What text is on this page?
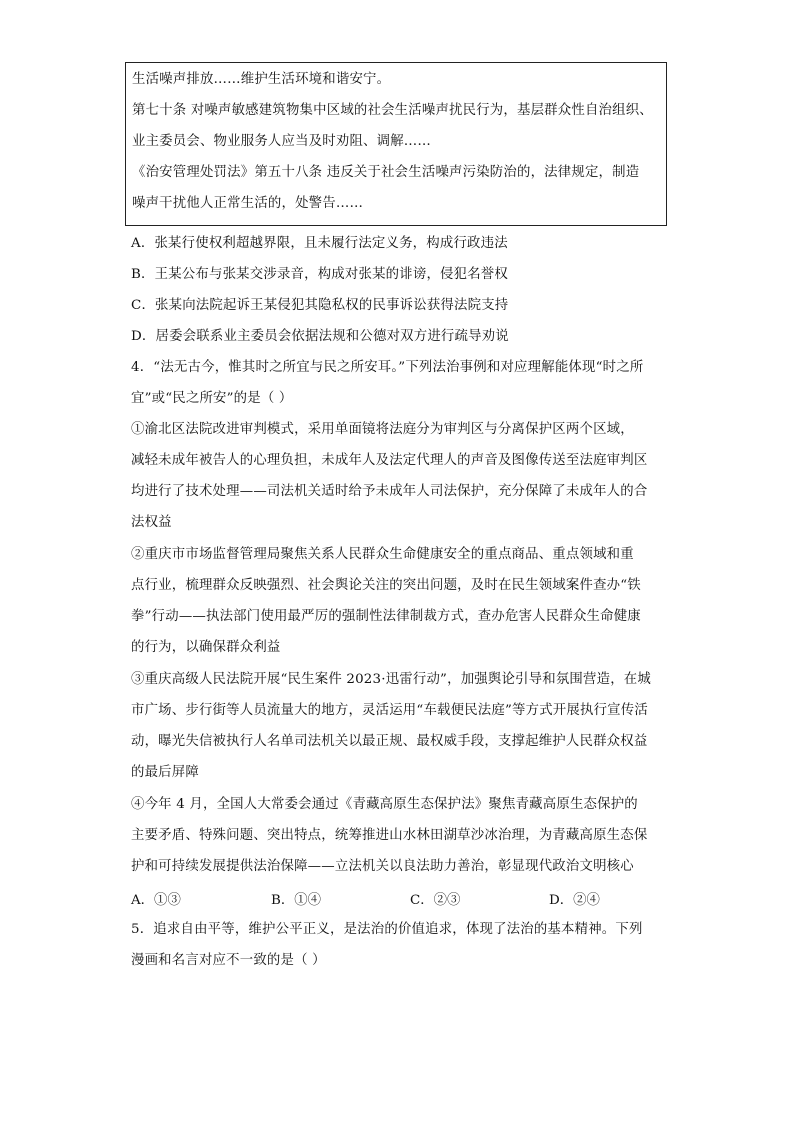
生活噪声排放……维护生活环境和谐安宁。
第七十条 对噪声敏感建筑物集中区域的社会生活噪声扰民行为，基层群众性自治组织、
业主委员会、物业服务人应当及时劝阻、调解……
《治安管理处罚法》第五十八条 违反关于社会生活噪声污染防治的，法律规定，制造
噪声干扰他人正常生活的，处警告……
A．张某行使权利超越界限，且未履行法定义务，构成行政违法
B．王某公布与张某交涉录音，构成对张某的诽谤，侵犯名誉权
C．张某向法院起诉王某侵犯其隐私权的民事诉讼获得法院支持
D．居委会联系业主委员会依据法规和公德对双方进行疏导劝说
4．“法无古今，惟其时之所宜与民之所安耳。”下列法治事例和对应理解能体现“时之所
宜”或“民之所安”的是（ ）
①渝北区法院改进审判模式，采用单面镜将法庭分为审判区与分离保护区两个区域，
减轻未成年被告人的心理负担，未成年人及法定代理人的声音及图像传送至法庭审判区
均进行了技术处理——司法机关适时给予未成年人司法保护，充分保障了未成年人的合
法权益
②重庆市市场监督管理局聚焦关系人民群众生命健康安全的重点商品、重点领域和重
点行业，梳理群众反映强烈、社会舆论关注的突出问题，及时在民生领域案件查办“铁
拳”行动——执法部门使用最严厉的强制性法律制裁方式，查办危害人民群众生命健康
的行为，以确保群众利益
③重庆高级人民法院开展“民生案件 2023·迅雷行动”，加强舆论引导和氛围营造，在城
市广场、步行街等人员流量大的地方，灵活运用“车载便民法庭”等方式开展执行宣传活
动，曝光失信被执行人名单司法机关以最正规、最权威手段，支撑起维护人民群众权益
的最后屏障
④今年 4 月，全国人大常委会通过《青藏高原生态保护法》聚焦青藏高原生态保护的
主要矛盾、特殊问题、突出特点，统筹推进山水林田湖草沙冰治理，为青藏高原生态保
护和可持续发展提供法治保障——立法机关以良法助力善治，彰显现代政治文明核心
A．①③	B．①④	C．②③	D．②④
5．追求自由平等，维护公平正义，是法治的价值追求，体现了法治的基本精神。下列
漫画和名言对应不一致的是（ ）
